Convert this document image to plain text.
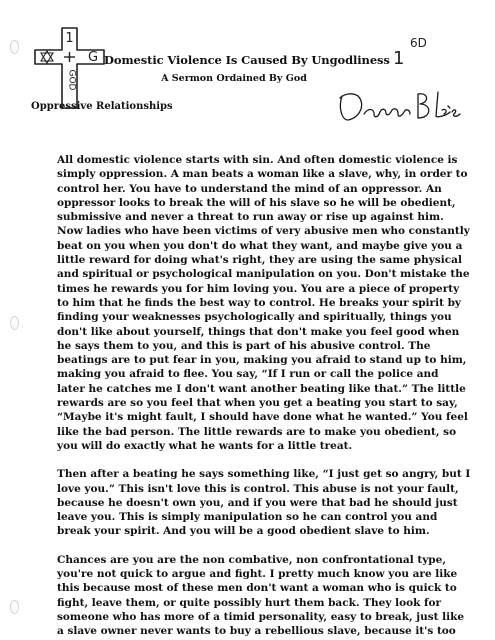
1
G
GOD
Domestic Violence Is Caused By Ungodliness
A Sermon Ordained By God
Oppressive Relationships
6D
1

All domestic violence starts with sin. And often domestic violence is
simply oppression. A man beats a woman like a slave, why, in order to
control her. You have to understand the mind of an oppressor. An
oppressor looks to break the will of his slave so he will be obedient,
submissive and never a threat to run away or rise up against him.
Now ladies who have been victims of very abusive men who constantly
beat on you when you don't do what they want, and maybe give you a
little reward for doing what's right, they are using the same physical
and spiritual or psychological manipulation on you. Don't mistake the
times he rewards you for him loving you. You are a piece of property
to him that he finds the best way to control. He breaks your spirit by
finding your weaknesses psychologically and spiritually, things you
don't like about yourself, things that don't make you feel good when
he says them to you, and this is part of his abusive control. The
beatings are to put fear in you, making you afraid to stand up to him,
making you afraid to flee. You say, “If I run or call the police and
later he catches me I don't want another beating like that.” The little
rewards are so you feel that when you get a beating you start to say,
“Maybe it's might fault, I should have done what he wanted.” You feel
like the bad person. The little rewards are to make you obedient, so
you will do exactly what he wants for a little treat.

Then after a beating he says something like, “I just get so angry, but I
love you.” This isn't love this is control. This abuse is not your fault,
because he doesn't own you, and if you were that bad he should just
leave you. This is simply manipulation so he can control you and
break your spirit. And you will be a good obedient slave to him.

Chances are you are the non combative, non confrontational type,
you're not quick to argue and fight. I pretty much know you are like
this because most of these men don't want a woman who is quick to
fight, leave them, or quite possibly hurt them back. They look for
someone who has more of a timid personality, easy to break, just like
a slave owner never wants to buy a rebellious slave, because it's too
